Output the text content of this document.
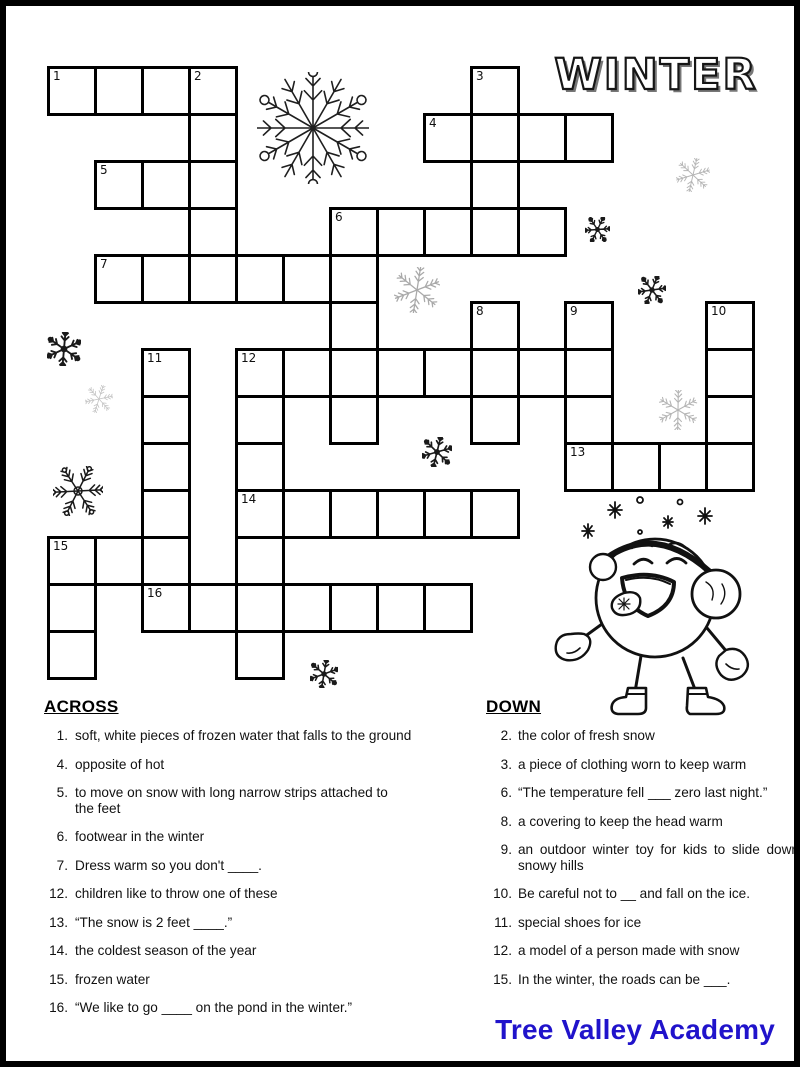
WINTER
1	2	3
4
5
6
7
8	9	10
11	12
13
14
15
16
ACROSS
1. soft, white pieces of frozen water that falls to the ground
4. opposite of hot
5. to move on snow with long narrow strips attached to
the feet
6. footwear in the winter
7. Dress warm so you don't ____.
12. children like to throw one of these
13. “The snow is 2 feet ____.”
14. the coldest season of the year
15. frozen water
16. “We like to go ____ on the pond in the winter.”
DOWN
2. the color of fresh snow
3. a piece of clothing worn to keep warm
6. “The temperature fell ___ zero last night.”
8. a covering to keep the head warm
9. an outdoor winter toy for kids to slide down snowy hills
10. Be careful not to __ and fall on the ice.
11. special shoes for ice
12. a model of a person made with snow
15. In the winter, the roads can be ___.
Tree Valley Academy
